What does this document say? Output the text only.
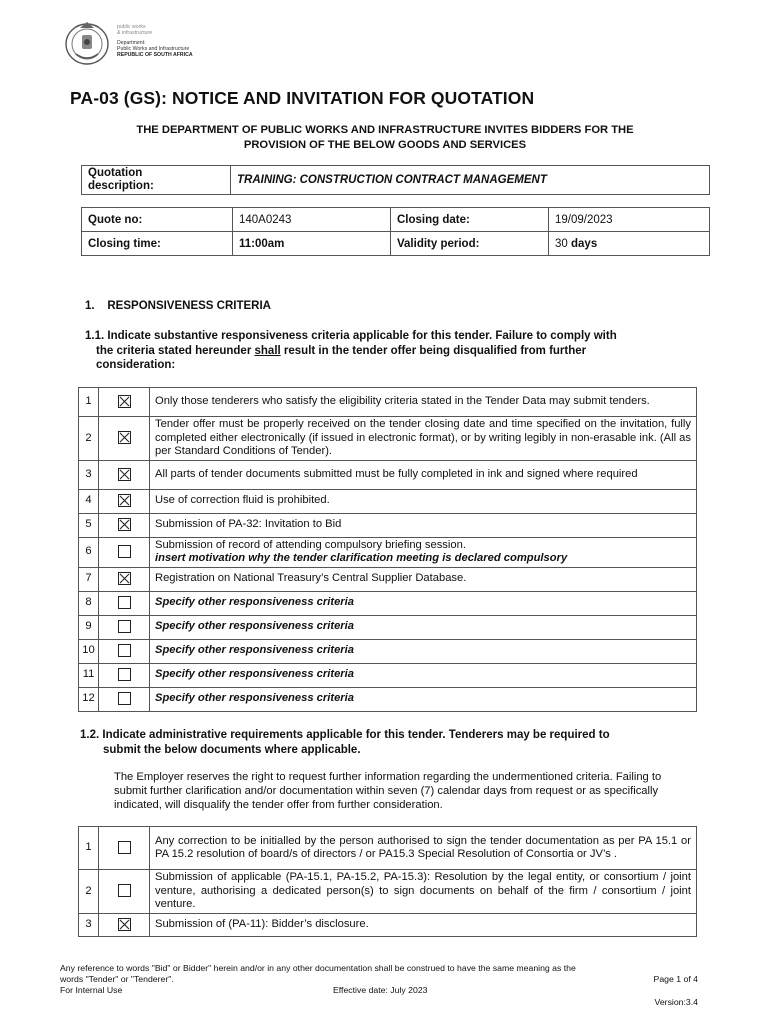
public works
& infrastructure
Department:
Public Works and Infrastructure
REPUBLIC OF SOUTH AFRICA
PA-03 (GS): NOTICE AND INVITATION FOR QUOTATION
THE DEPARTMENT OF PUBLIC WORKS AND INFRASTRUCTURE INVITES BIDDERS FOR THE
PROVISION OF THE BELOW GOODS AND SERVICES
Quotation
description:	TRAINING: CONSTRUCTION CONTRACT MANAGEMENT
Quote no:	140A0243	Closing date:	19/09/2023
Closing time:	11:00am	Validity period:	30 days
1. RESPONSIVENESS CRITERIA
1.1. Indicate substantive responsiveness criteria applicable for this tender. Failure to comply with
the criteria stated hereunder shall result in the tender offer being disqualified from further
consideration:
1		Only those tenderers who satisfy the eligibility criteria stated in the Tender Data may submit tenders.
2		Tender offer must be properly received on the tender closing date and time specified on the invitation, fully completed either electronically (if issued in electronic format), or by writing legibly in non-erasable ink. (All as per Standard Conditions of Tender).
3		All parts of tender documents submitted must be fully completed in ink and signed where required
4		Use of correction fluid is prohibited.
5		Submission of PA-32: Invitation to Bid
6		Submission of record of attending compulsory briefing session.
insert motivation why the tender clarification meeting is declared compulsory
7		Registration on National Treasury’s Central Supplier Database.
8		Specify other responsiveness criteria
9		Specify other responsiveness criteria
10		Specify other responsiveness criteria
11		Specify other responsiveness criteria
12		Specify other responsiveness criteria
1.2. Indicate administrative requirements applicable for this tender. Tenderers may be required to
submit the below documents where applicable.
The Employer reserves the right to request further information regarding the undermentioned criteria. Failing to submit further clarification and/or documentation within seven (7) calendar days from request or as specifically indicated, will disqualify the tender offer from further consideration.
1		Any correction to be initialled by the person authorised to sign the tender documentation as per PA 15.1 or PA 15.2 resolution of board/s of directors / or PA15.3 Special Resolution of Consortia or JV’s .
2		Submission of applicable (PA-15.1, PA-15.2, PA-15.3): Resolution by the legal entity, or consortium / joint venture, authorising a dedicated person(s) to sign documents on behalf of the firm / consortium / joint venture.
3		Submission of (PA-11): Bidder’s disclosure.
Any reference to words "Bid" or Bidder" herein and/or in any other documentation shall be construed to have the same meaning as the
words "Tender" or "Tenderer".	Page 1 of 4
For Internal Use	Effective date: July 2023
Version:3.4
